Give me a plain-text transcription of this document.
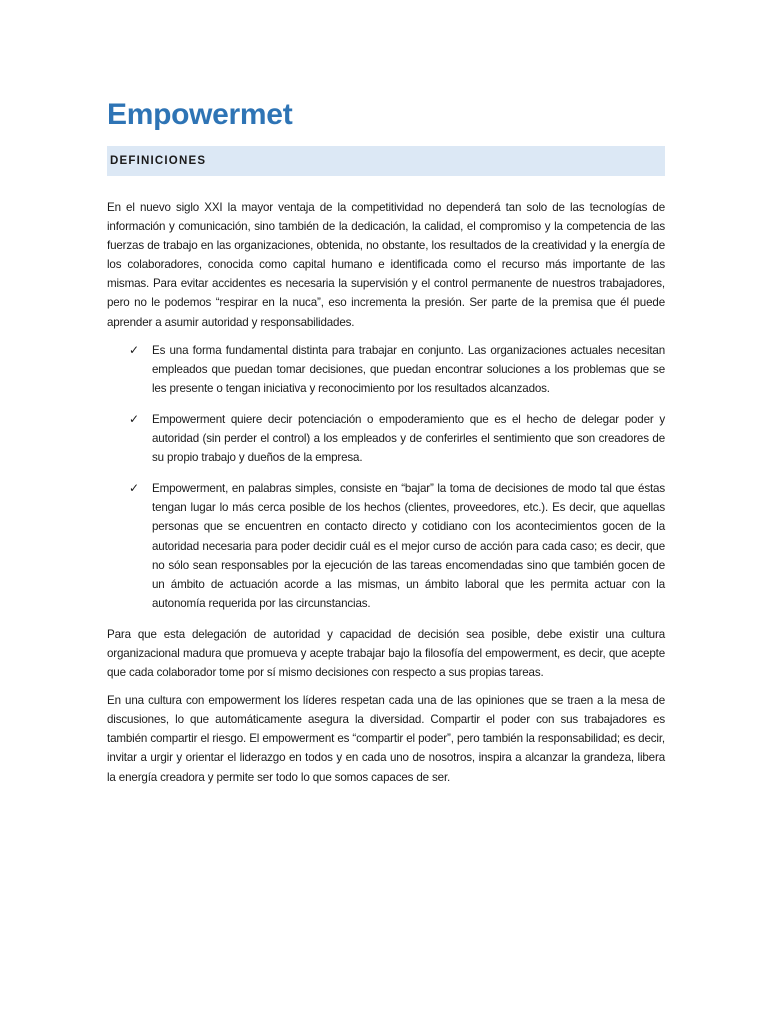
Empowermet
DEFINICIONES

En el nuevo siglo XXI la mayor ventaja de la competitividad no dependerá tan solo de las tecnologías de información y comunicación, sino también de la dedicación, la calidad, el compromiso y la competencia de las fuerzas de trabajo en las organizaciones, obtenida, no obstante, los resultados de la creatividad y la energía de los colaboradores, conocida como capital humano e identificada como el recurso más importante de las mismas. Para evitar accidentes es necesaria la supervisión y el control permanente de nuestros trabajadores, pero no le podemos “respirar en la nuca”, eso incrementa la presión. Ser parte de la premisa que él puede aprender a asumir autoridad y responsabilidades.

✓ Es una forma fundamental distinta para trabajar en conjunto. Las organizaciones actuales necesitan empleados que puedan tomar decisiones, que puedan encontrar soluciones a los problemas que se les presente o tengan iniciativa y reconocimiento por los resultados alcanzados.
✓ Empowerment quiere decir potenciación o empoderamiento que es el hecho de delegar poder y autoridad (sin perder el control) a los empleados y de conferirles el sentimiento que son creadores de su propio trabajo y dueños de la empresa.
✓ Empowerment, en palabras simples, consiste en “bajar” la toma de decisiones de modo tal que éstas tengan lugar lo más cerca posible de los hechos (clientes, proveedores, etc.). Es decir, que aquellas personas que se encuentren en contacto directo y cotidiano con los acontecimientos gocen de la autoridad necesaria para poder decidir cuál es el mejor curso de acción para cada caso; es decir, que no sólo sean responsables por la ejecución de las tareas encomendadas sino que también gocen de un ámbito de actuación acorde a las mismas, un ámbito laboral que les permita actuar con la autonomía requerida por las circunstancias.

Para que esta delegación de autoridad y capacidad de decisión sea posible, debe existir una cultura organizacional madura que promueva y acepte trabajar bajo la filosofía del empowerment, es decir, que acepte que cada colaborador tome por sí mismo decisiones con respecto a sus propias tareas.

En una cultura con empowerment los líderes respetan cada una de las opiniones que se traen a la mesa de discusiones, lo que automáticamente asegura la diversidad. Compartir el poder con sus trabajadores es también compartir el riesgo. El empowerment es “compartir el poder”, pero también la responsabilidad; es decir, invitar a urgir y orientar el liderazgo en todos y en cada uno de nosotros, inspira a alcanzar la grandeza, libera la energía creadora y permite ser todo lo que somos capaces de ser.
